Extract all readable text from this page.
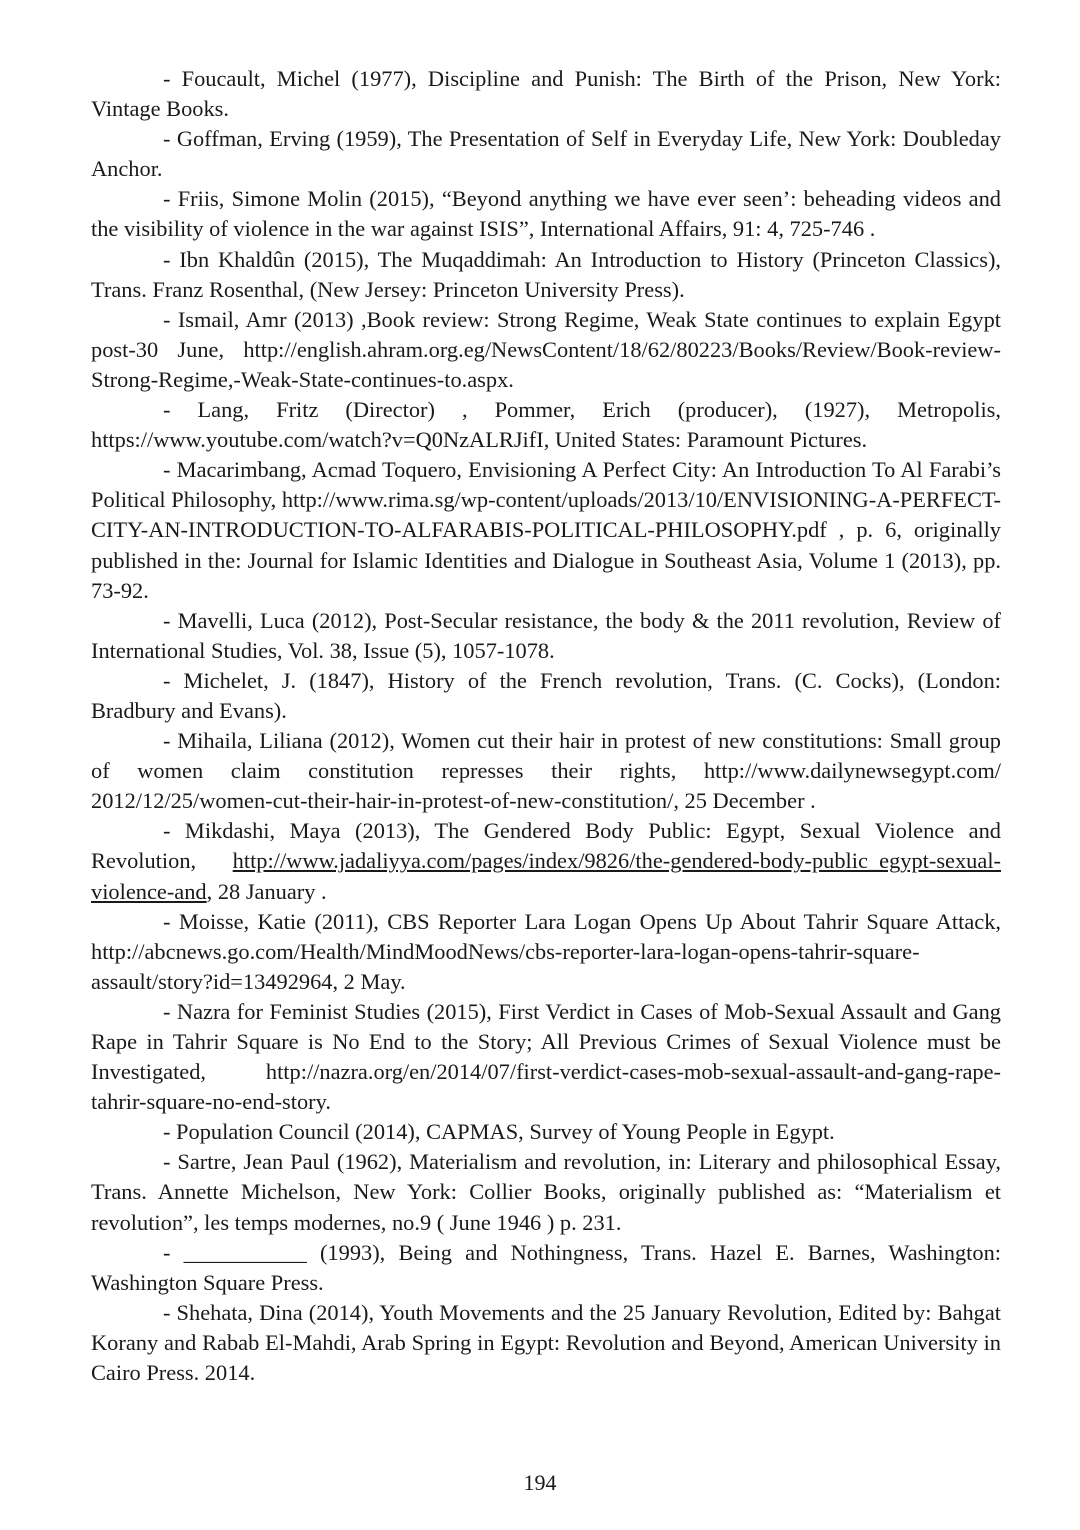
- Foucault, Michel (1977), Discipline and Punish: The Birth of the Prison, New York: Vintage Books.

- Goffman, Erving (1959), The Presentation of Self in Everyday Life, New York: Doubleday Anchor.

- Friis, Simone Molin (2015), “Beyond anything we have ever seen’: beheading videos and the visibility of violence in the war against ISIS”, International Affairs, 91: 4, 725-746 .

- Ibn Khaldûn (2015), The Muqaddimah: An Introduction to History (Princeton Classics), Trans. Franz Rosenthal, (New Jersey: Princeton University Press).

- Ismail, Amr (2013) ,Book review: Strong Regime, Weak State continues to explain Egypt post-30 June, http://english.ahram.org.eg/NewsContent/18/62/80223/Books/Review/Book-review-Strong-Regime,-Weak-State-continues-to.aspx.

- Lang, Fritz (Director) , Pommer, Erich (producer), (1927), Metropolis, https://www.youtube.com/watch?v=Q0NzALRJifI, United States: Paramount Pictures.

- Macarimbang, Acmad Toquero, Envisioning A Perfect City: An Introduction To Al Farabi’s Political Philosophy, http://www.rima.sg/wp-content/uploads/2013/10/ENVISIONING-A-PERFECT-CITY-AN-INTRODUCTION-TO-ALFARABIS-POLITICAL-PHILOSOPHY.pdf , p. 6, originally published in the: Journal for Islamic Identities and Dialogue in Southeast Asia, Volume 1 (2013), pp. 73-92.

- Mavelli, Luca (2012), Post-Secular resistance, the body & the 2011 revolution, Review of International Studies, Vol. 38, Issue (5), 1057-1078.

- Michelet, J. (1847), History of the French revolution, Trans. (C. Cocks), (London: Bradbury and Evans).

- Mihaila, Liliana (2012), Women cut their hair in protest of new constitutions: Small group of women claim constitution represses their rights, http://www.dailynewsegypt.com/ 2012/12/25/women-cut-their-hair-in-protest-of-new-constitution/, 25 December .

- Mikdashi, Maya (2013), The Gendered Body Public: Egypt, Sexual Violence and Revolution, http://www.jadaliyya.com/pages/index/9826/the-gendered-body-public_egypt-sexual-violence-and, 28 January .

- Moisse, Katie (2011), CBS Reporter Lara Logan Opens Up About Tahrir Square Attack, http://abcnews.go.com/Health/MindMoodNews/cbs-reporter-lara-logan-opens-tahrir-square-assault/story?id=13492964, 2 May.

- Nazra for Feminist Studies (2015), First Verdict in Cases of Mob-Sexual Assault and Gang Rape in Tahrir Square is No End to the Story; All Previous Crimes of Sexual Violence must be Investigated, http://nazra.org/en/2014/07/first-verdict-cases-mob-sexual-assault-and-gang-rape-tahrir-square-no-end-story.

- Population Council (2014), CAPMAS, Survey of Young People in Egypt.

- Sartre, Jean Paul (1962), Materialism and revolution, in: Literary and philosophical Essay, Trans. Annette Michelson, New York: Collier Books, originally published as: “Materialism et revolution”, les temps modernes, no.9 ( June 1946 ) p. 231.

- ___________ (1993), Being and Nothingness, Trans. Hazel E. Barnes, Washington: Washington Square Press.

- Shehata, Dina (2014), Youth Movements and the 25 January Revolution, Edited by: Bahgat Korany and Rabab El-Mahdi, Arab Spring in Egypt: Revolution and Beyond, American University in Cairo Press. 2014.

194
